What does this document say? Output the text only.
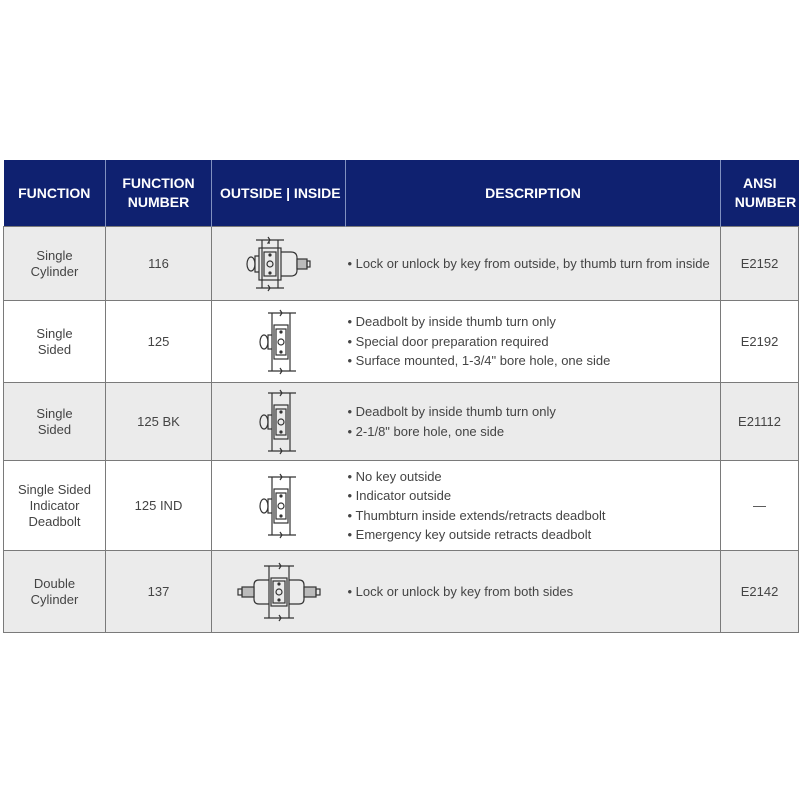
FUNCTION	FUNCTION NUMBER	OUTSIDE | INSIDE	DESCRIPTION	ANSI NUMBER

Single Cylinder	116		• Lock or unlock by key from outside, by thumb turn from inside	E2152

Single Sided	125		• Deadbolt by inside thumb turn only
• Special door preparation required
• Surface mounted, 1-3/4" bore hole, one side	E2192

Single Sided	125 BK		• Deadbolt by inside thumb turn only
• 2-1/8" bore hole, one side	E21112

Single Sided Indicator Deadbolt	125 IND		• No key outside
• Indicator outside
• Thumbturn inside extends/retracts deadbolt
• Emergency key outside retracts deadbolt	—

Double Cylinder	137		• Lock or unlock by key from both sides	E2142
